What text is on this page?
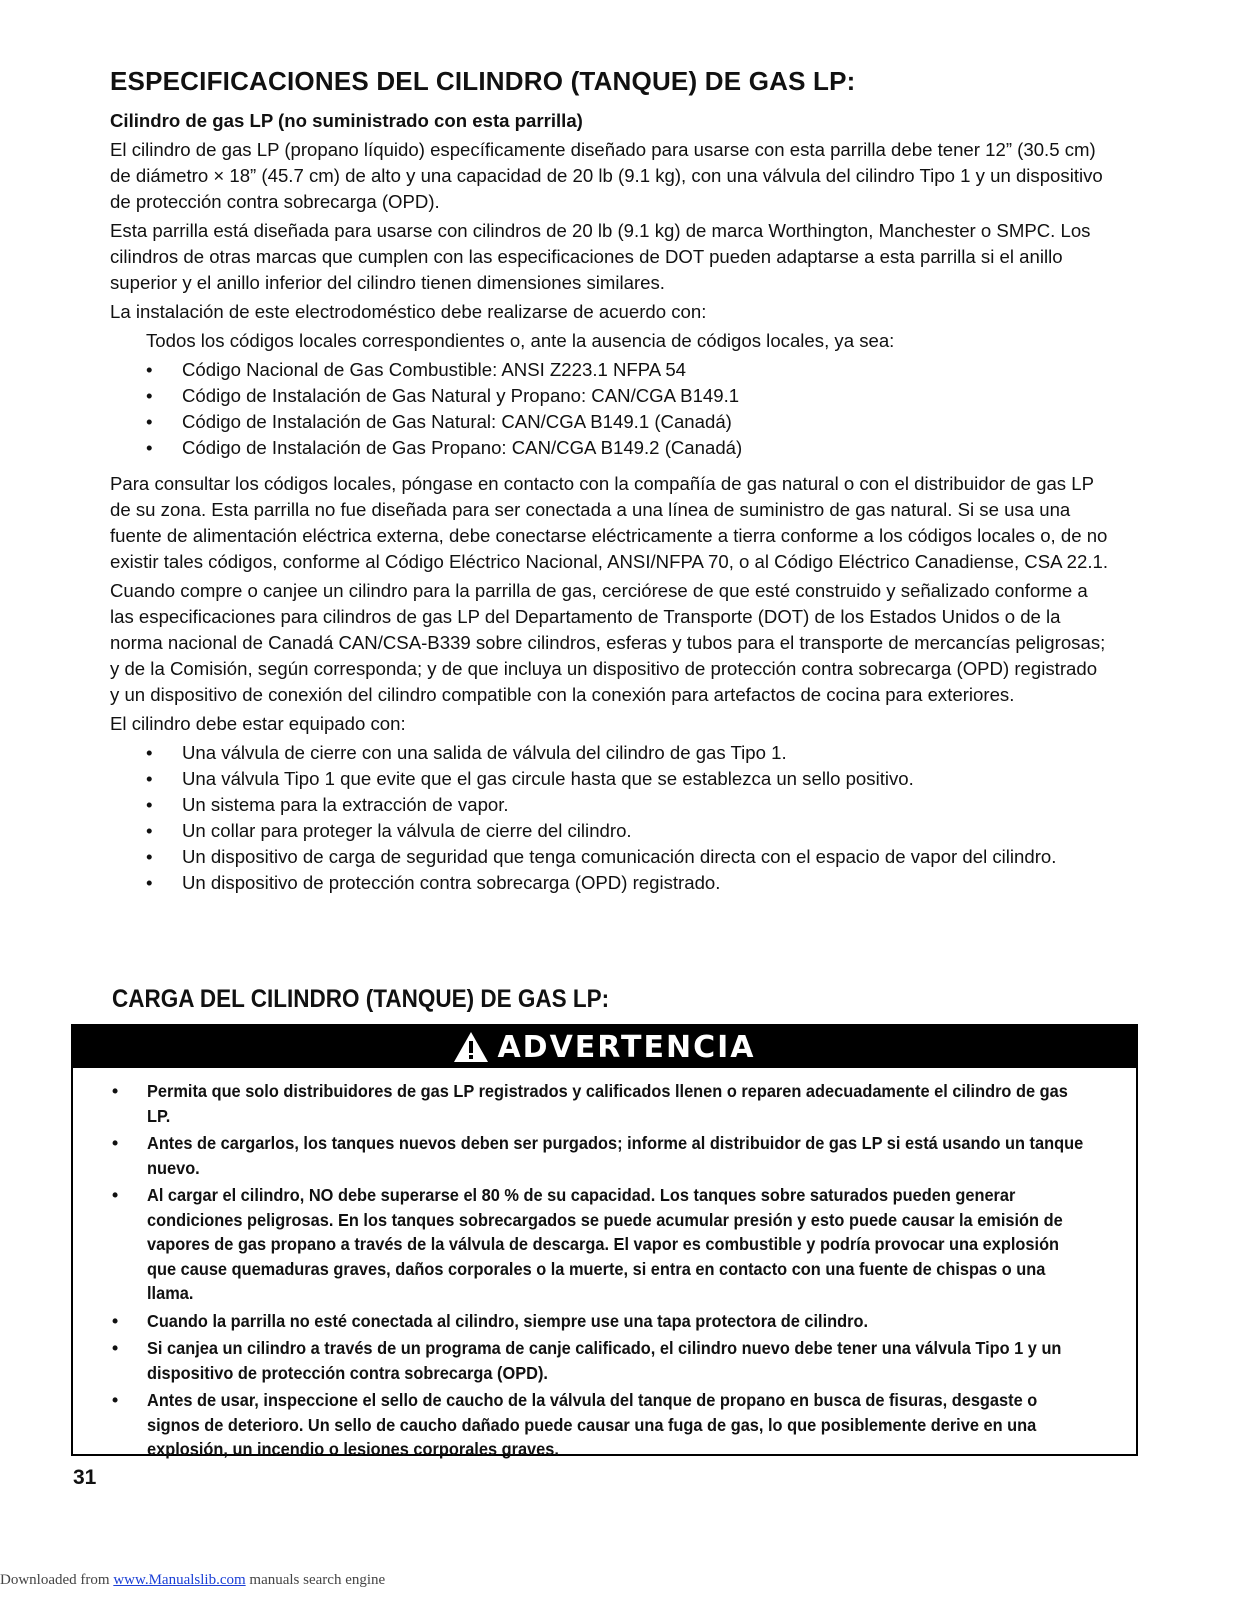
ESPECIFICACIONES DEL CILINDRO (TANQUE) DE GAS LP:

Cilindro de gas LP (no suministrado con esta parrilla)

El cilindro de gas LP (propano líquido) específicamente diseñado para usarse con esta parrilla debe tener 12” (30.5 cm) de diámetro × 18” (45.7 cm) de alto y una capacidad de 20 lb (9.1 kg), con una válvula del cilindro Tipo 1 y un dispositivo de protección contra sobrecarga (OPD).

Esta parrilla está diseñada para usarse con cilindros de 20 lb (9.1 kg) de marca Worthington, Manchester o SMPC. Los cilindros de otras marcas que cumplen con las especificaciones de DOT pueden adaptarse a esta parrilla si el anillo superior y el anillo inferior del cilindro tienen dimensiones similares.

La instalación de este electrodoméstico debe realizarse de acuerdo con:

Todos los códigos locales correspondientes o, ante la ausencia de códigos locales, ya sea:

• Código Nacional de Gas Combustible: ANSI Z223.1 NFPA 54
• Código de Instalación de Gas Natural y Propano: CAN/CGA B149.1
• Código de Instalación de Gas Natural: CAN/CGA B149.1 (Canadá)
• Código de Instalación de Gas Propano: CAN/CGA B149.2 (Canadá)

Para consultar los códigos locales, póngase en contacto con la compañía de gas natural o con el distribuidor de gas LP de su zona. Esta parrilla no fue diseñada para ser conectada a una línea de suministro de gas natural. Si se usa una fuente de alimentación eléctrica externa, debe conectarse eléctricamente a tierra conforme a los códigos locales o, de no existir tales códigos, conforme al Código Eléctrico Nacional, ANSI/NFPA 70, o al Código Eléctrico Canadiense, CSA 22.1.

Cuando compre o canjee un cilindro para la parrilla de gas, cerciórese de que esté construido y señalizado conforme a las especificaciones para cilindros de gas LP del Departamento de Transporte (DOT) de los Estados Unidos o de la norma nacional de Canadá CAN/CSA-B339 sobre cilindros, esferas y tubos para el transporte de mercancías peligrosas; y de la Comisión, según corresponda; y de que incluya un dispositivo de protección contra sobrecarga (OPD) registrado y un dispositivo de conexión del cilindro compatible con la conexión para artefactos de cocina para exteriores.

El cilindro debe estar equipado con:

• Una válvula de cierre con una salida de válvula del cilindro de gas Tipo 1.
• Una válvula Tipo 1 que evite que el gas circule hasta que se establezca un sello positivo.
• Un sistema para la extracción de vapor.
• Un collar para proteger la válvula de cierre del cilindro.
• Un dispositivo de carga de seguridad que tenga comunicación directa con el espacio de vapor del cilindro.
• Un dispositivo de protección contra sobrecarga (OPD) registrado.
CARGA DEL CILINDRO (TANQUE) DE GAS LP:
ADVERTENCIA
• Permita que solo distribuidores de gas LP registrados y calificados llenen o reparen adecuadamente el cilindro de gas LP.
• Antes de cargarlos, los tanques nuevos deben ser purgados; informe al distribuidor de gas LP si está usando un tanque nuevo.
• Al cargar el cilindro, NO debe superarse el 80 % de su capacidad. Los tanques sobre saturados pueden generar condiciones peligrosas. En los tanques sobrecargados se puede acumular presión y esto puede causar la emisión de vapores de gas propano a través de la válvula de descarga. El vapor es combustible y podría provocar una explosión que cause quemaduras graves, daños corporales o la muerte, si entra en contacto con una fuente de chispas o una llama.
• Cuando la parrilla no esté conectada al cilindro, siempre use una tapa protectora de cilindro.
• Si canjea un cilindro a través de un programa de canje calificado, el cilindro nuevo debe tener una válvula Tipo 1 y un dispositivo de protección contra sobrecarga (OPD).
• Antes de usar, inspeccione el sello de caucho de la válvula del tanque de propano en busca de fisuras, desgaste o signos de deterioro. Un sello de caucho dañado puede causar una fuga de gas, lo que posiblemente derive en una explosión, un incendio o lesiones corporales graves.
31
Downloaded from www.Manualslib.com manuals search engine
